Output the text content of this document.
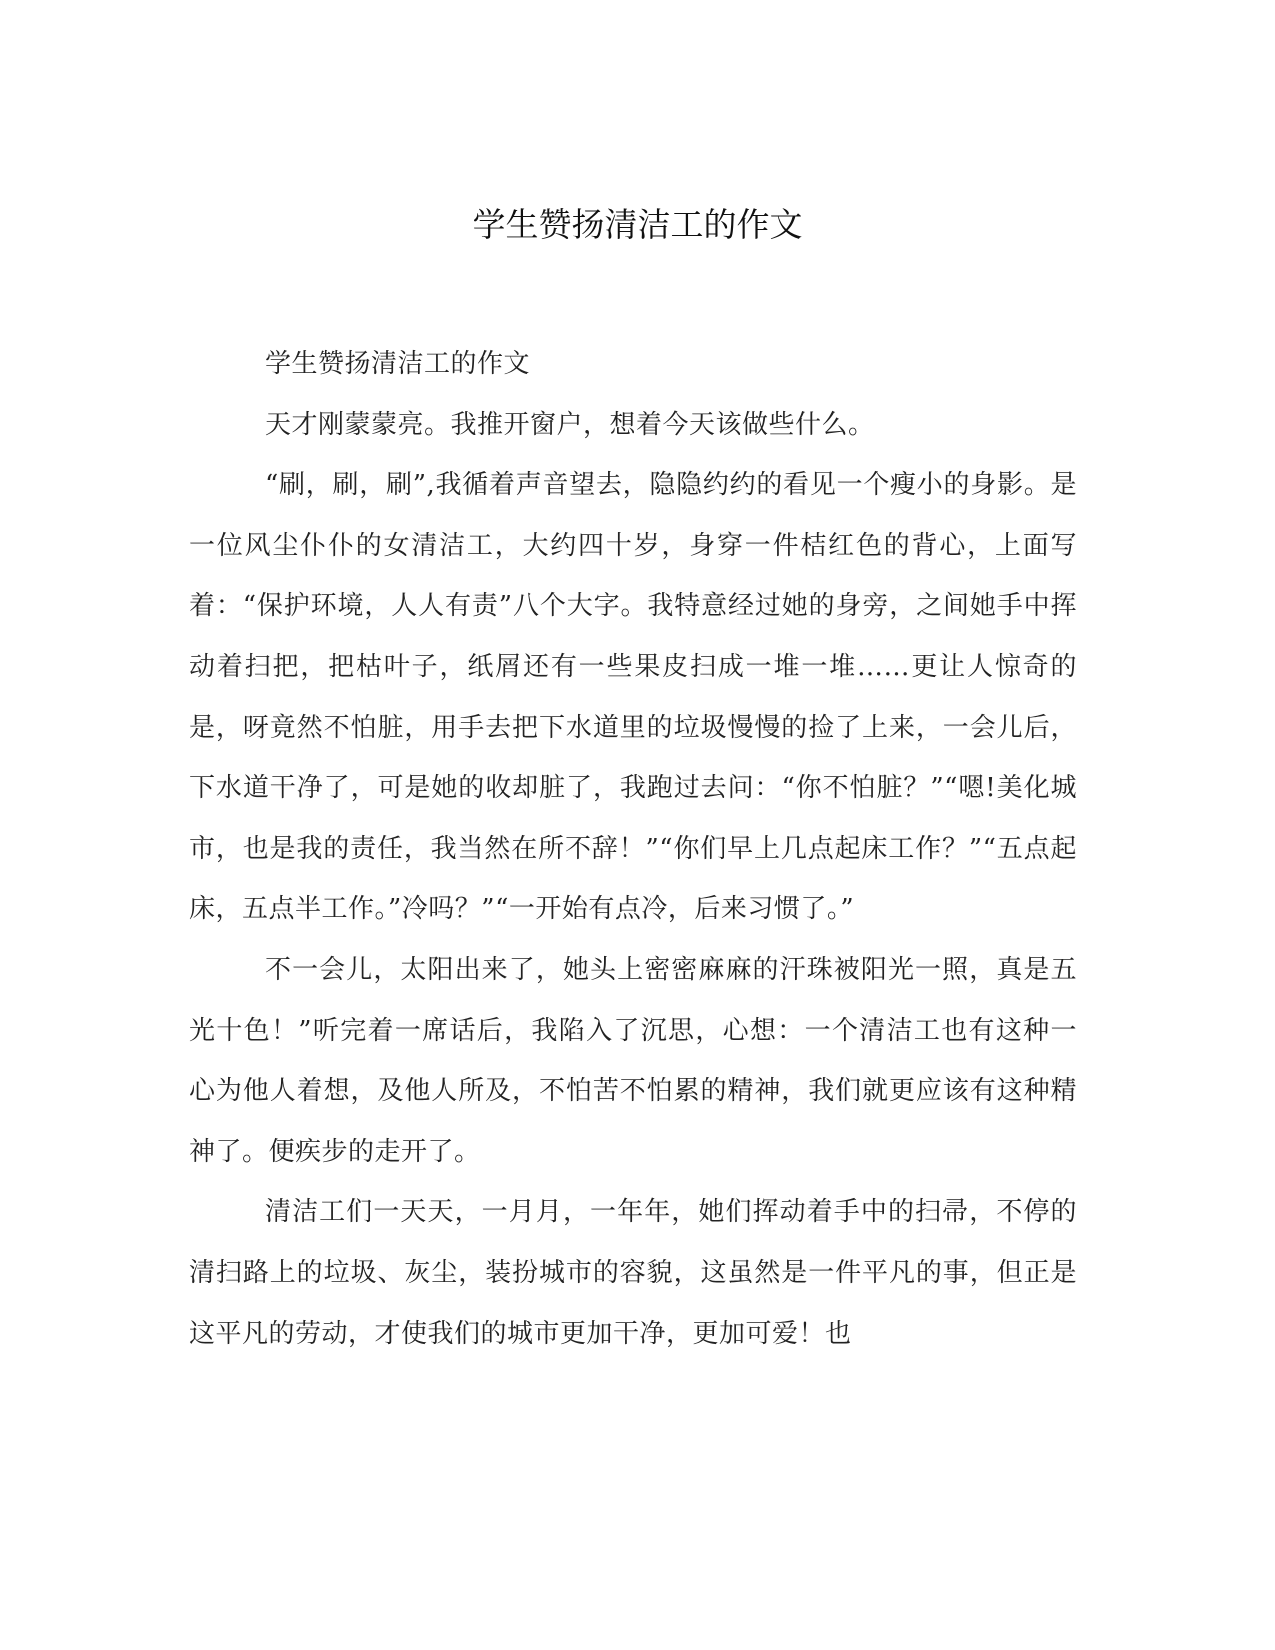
学生赞扬清洁工的作文

学生赞扬清洁工的作文

天才刚蒙蒙亮。我推开窗户，想着今天该做些什么。

“刷，刷，刷”,我循着声音望去，隐隐约约的看见一个瘦小的身影。是一位风尘仆仆的女清洁工，大约四十岁，身穿一件桔红色的背心，上面写着：“保护环境，人人有责”八个大字。我特意经过她的身旁，之间她手中挥动着扫把，把枯叶子，纸屑还有一些果皮扫成一堆一堆……更让人惊奇的是，呀竟然不怕脏，用手去把下水道里的垃圾慢慢的捡了上来，一会儿后，下水道干净了，可是她的收却脏了，我跑过去问：“你不怕脏？”“嗯!美化城市，也是我的责任，我当然在所不辞！”“你们早上几点起床工作？”“五点起床，五点半工作。”冷吗？”“一开始有点冷，后来习惯了。”

不一会儿，太阳出来了，她头上密密麻麻的汗珠被阳光一照，真是五光十色！”听完着一席话后，我陷入了沉思，心想：一个清洁工也有这种一心为他人着想，及他人所及，不怕苦不怕累的精神，我们就更应该有这种精神了。便疾步的走开了。

清洁工们一天天，一月月，一年年，她们挥动着手中的扫帚，不停的清扫路上的垃圾、灰尘，装扮城市的容貌，这虽然是一件平凡的事，但正是这平凡的劳动，才使我们的城市更加干净，更加可爱！也
